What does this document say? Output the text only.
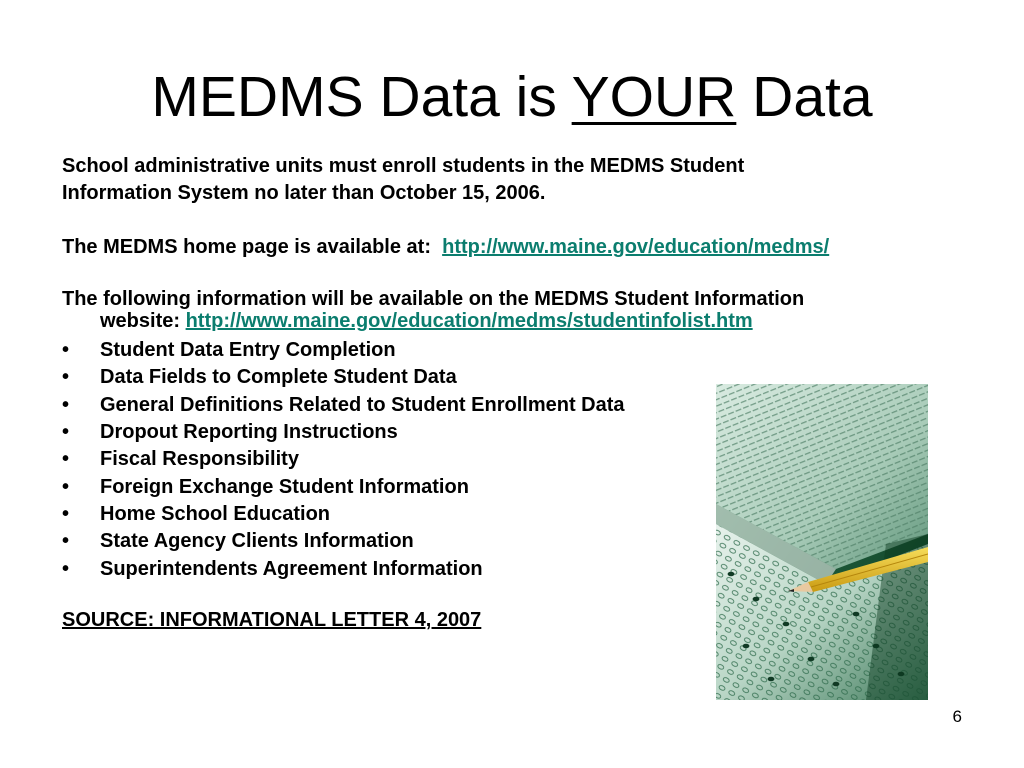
MEDMS Data is YOUR Data

School administrative units must enroll students in the MEDMS Student
Information System no later than October 15, 2006.

The MEDMS home page is available at: http://www.maine.gov/education/medms/

The following information will be available on the MEDMS Student Information
website: http://www.maine.gov/education/medms/studentinfolist.htm

•	Student Data Entry Completion
•	Data Fields to Complete Student Data
•	General Definitions Related to Student Enrollment Data
•	Dropout Reporting Instructions
•	Fiscal Responsibility
•	Foreign Exchange Student Information
•	Home School Education
•	State Agency Clients Information
•	Superintendents Agreement Information

SOURCE: INFORMATIONAL LETTER 4, 2007

6
